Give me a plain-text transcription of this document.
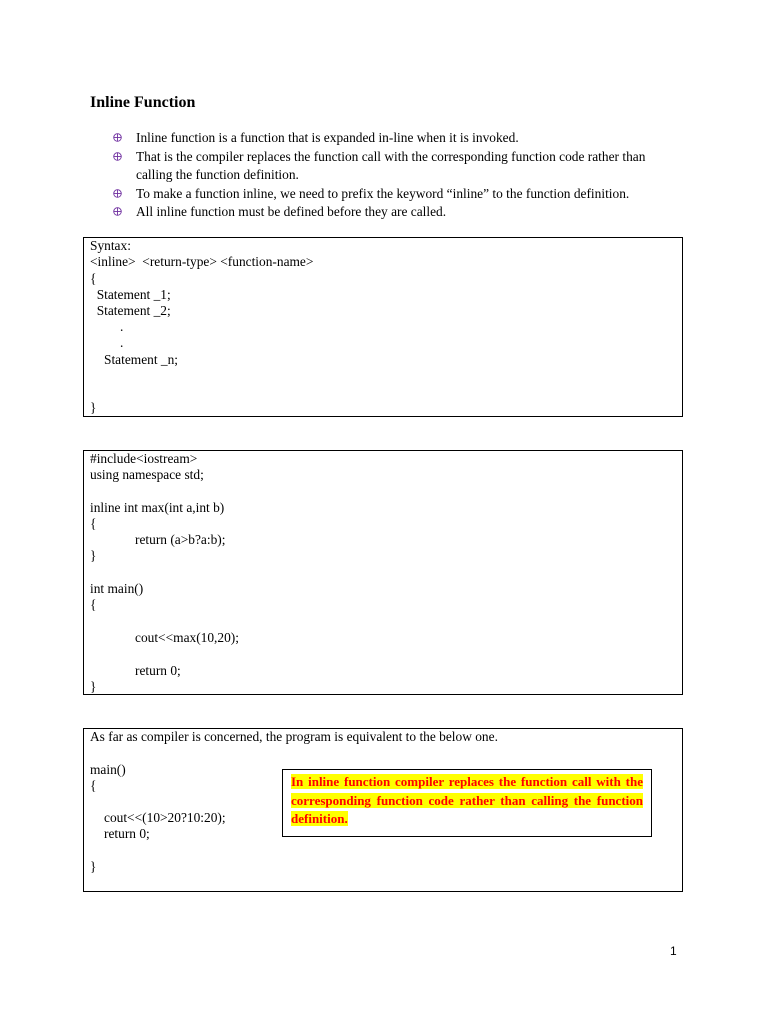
Inline Function
Inline function is a function that is expanded in-line when it is invoked.
That is the compiler replaces the function call with the corresponding function code rather than calling the function definition.
To make a function inline, we need to prefix the keyword “inline” to the function definition.
All inline function must be defined before they are called.
Syntax:
<inline>  <return-type> <function-name>
{
Statement _1;
Statement _2;
.
.
Statement _n;
}
#include<iostream>
using namespace std;
inline int max(int a,int b)
{
return (a>b?a:b);
}
int main()
{
cout<<max(10,20);
return 0;
}
As far as compiler is concerned, the program is equivalent to the below one.
main()
{
cout<<(10>20?10:20);
return 0;
}
In inline function compiler replaces the function call with the corresponding function code rather than calling the function definition.
1
